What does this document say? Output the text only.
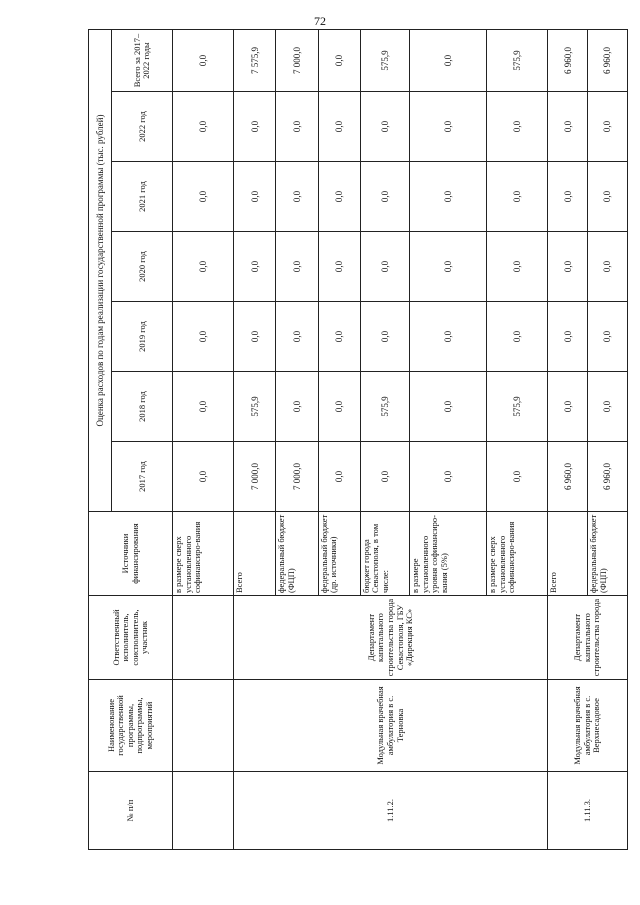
72
№ п/п	Наименование государственной программы, подпрограммы, мероприятий	Ответственный исполнитель, соисполнитель, участник	Источники финансирования	Оценка расходов по годам реализации государственной программы (тыс. рублей)						
				2017 год	2018 год	2019 год	2020 год	2021 год	2022 год	Всего за 2017–2022 годы
			в размере сверх установленного софинансиро-вания	0,0	0,0	0,0	0,0	0,0	0,0	0,0
1.11.2.	Модульная врачебная амбулатория в с. Терновка	Департамент капитального строительства города Севастополя, ГБУ «Дирекция КС»	Всего	7 000,0	575,9	0,0	0,0	0,0	0,0	7 575,9
			федеральный бюджет (ФЦП)	7 000,0	0,0	0,0	0,0	0,0	0,0	7 000,0
			федеральный бюджет (др. источники)	0,0	0,0	0,0	0,0	0,0	0,0	0,0
			бюджет города Севастополя, в том числе:	0,0	575,9	0,0	0,0	0,0	0,0	575,9
			в размере установленного уровня софинансиро-вания (5%)	0,0	0,0	0,0	0,0	0,0	0,0	0,0
			в размере сверх установленного софинансиро-вания	0,0	575,9	0,0	0,0	0,0	0,0	575,9
1.11.3.	Модульная врачебная амбулатория в с. Верхнесадовое	Департамент капитального строительства города	Всего	6 960,0	0,0	0,0	0,0	0,0	0,0	6 960,0
			федеральный бюджет (ФЦП)	6 960,0	0,0	0,0	0,0	0,0	0,0	6 960,0
